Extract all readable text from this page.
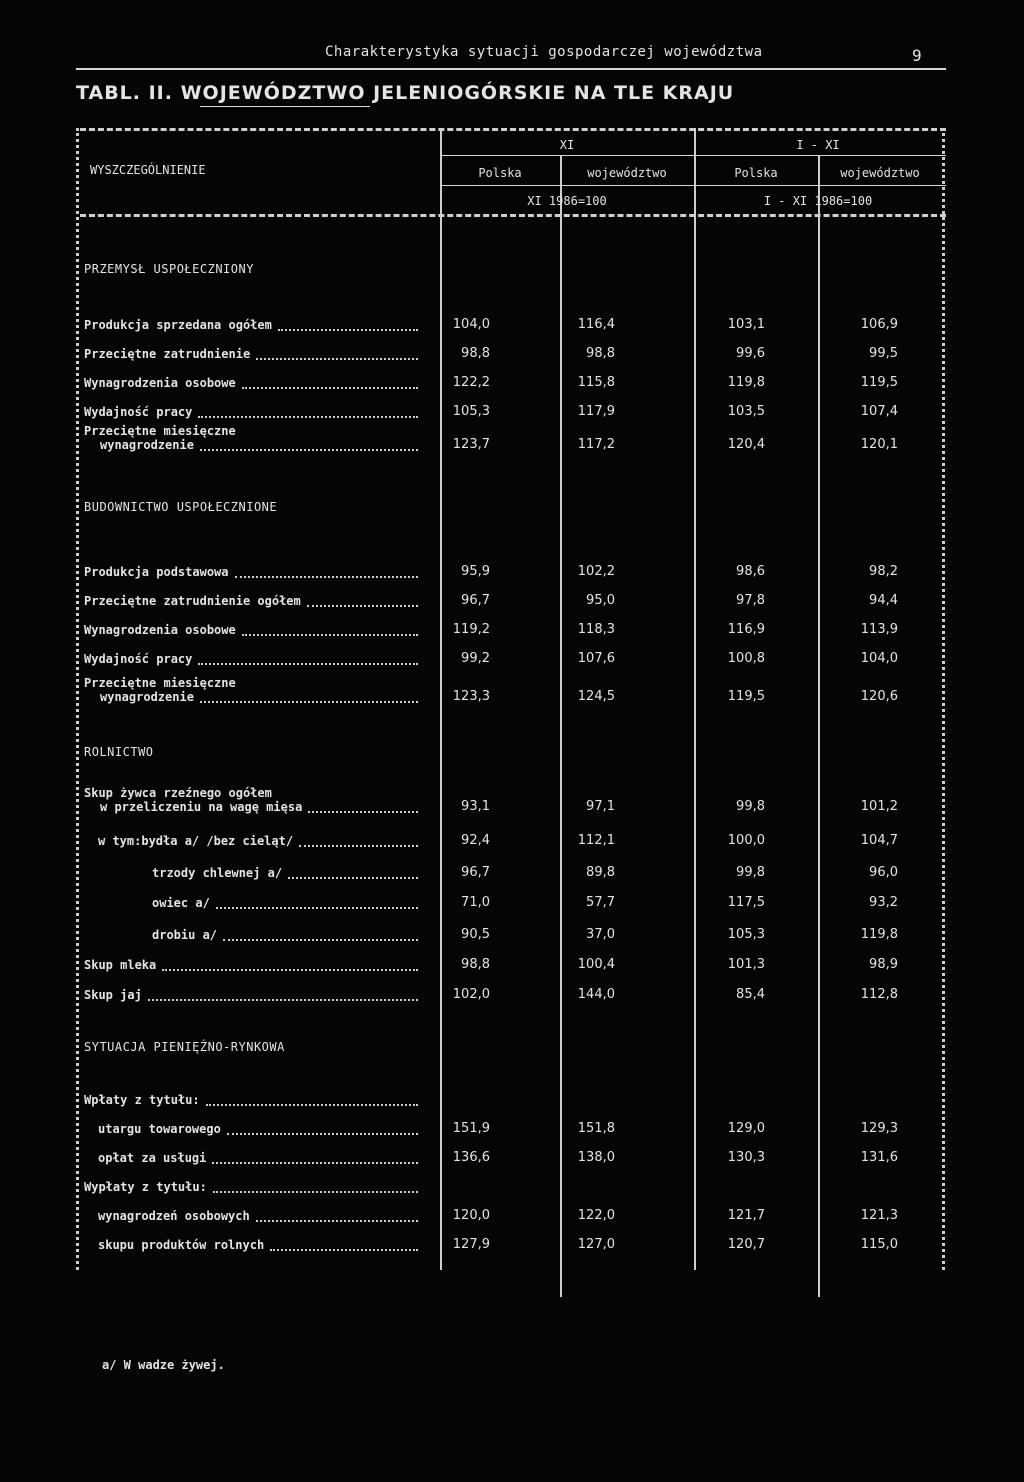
Charakterystyka sytuacji gospodarczej województwa	9
TABL. II. WOJEWÓDZTWO JELENIOGÓRSKIE NA TLE KRAJU
WYSZCZEGÓLNIENIE
XI	I - XI
Polska	województwo	Polska	województwo
XI 1986=100	I - XI 1986=100
PRZEMYSŁ USPOŁECZNIONY
Produkcja sprzedana ogółem	104,0	116,4	103,1	106,9
Przeciętne zatrudnienie	98,8	98,8	99,6	99,5
Wynagrodzenia osobowe	122,2	115,8	119,8	119,5
Wydajność pracy	105,3	117,9	103,5	107,4
Przeciętne miesięczne
wynagrodzenie	123,7	117,2	120,4	120,1
BUDOWNICTWO USPOŁECZNIONE
Produkcja podstawowa	95,9	102,2	98,6	98,2
Przeciętne zatrudnienie ogółem	96,7	95,0	97,8	94,4
Wynagrodzenia osobowe	119,2	118,3	116,9	113,9
Wydajność pracy	99,2	107,6	100,8	104,0
Przeciętne miesięczne
wynagrodzenie	123,3	124,5	119,5	120,6
ROLNICTWO
Skup żywca rzeźnego ogółem
w przeliczeniu na wagę mięsa	93,1	97,1	99,8	101,2
w tym:bydła a/ /bez cieląt/	92,4	112,1	100,0	104,7
trzody chlewnej a/	96,7	89,8	99,8	96,0
owiec a/	71,0	57,7	117,5	93,2
drobiu a/	90,5	37,0	105,3	119,8
Skup mleka	98,8	100,4	101,3	98,9
Skup jaj	102,0	144,0	85,4	112,8
SYTUACJA PIENIĘŻNO-RYNKOWA
Wpłaty z tytułu:
utargu towarowego	151,9	151,8	129,0	129,3
opłat za usługi	136,6	138,0	130,3	131,6
Wypłaty z tytułu:
wynagrodzeń osobowych	120,0	122,0	121,7	121,3
skupu produktów rolnych	127,9	127,0	120,7	115,0
a/ W wadze żywej.
